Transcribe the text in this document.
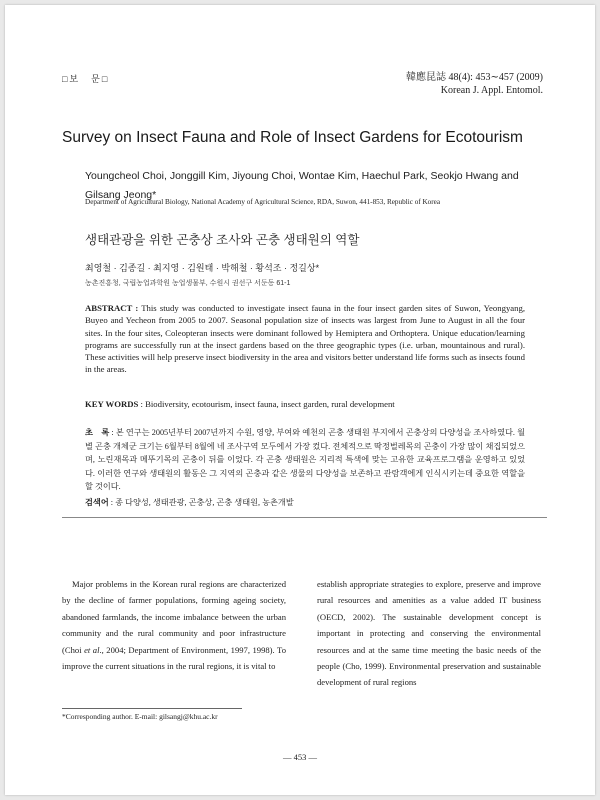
□보　문□	韓應昆誌 48(4): 453∼457 (2009)
Korean J. Appl. Entomol.
Survey on Insect Fauna and Role of Insect Gardens for Ecotourism
Youngcheol Choi, Jonggill Kim, Jiyoung Choi, Wontae Kim, Haechul Park, Seokjo Hwang and Gilsang Jeong*
Department of Agricultural Biology, National Academy of Agricultural Science, RDA, Suwon, 441-853, Republic of Korea
생태관광을 위한 곤충상 조사와 곤충 생태원의 역할
최영철 · 김종길 · 최지영 · 김원태 · 박해철 · 황석조 · 정길상*
농촌진흥청, 국립농업과학원 농업생물부, 수원시 권선구 서둔동 61-1
ABSTRACT : This study was conducted to investigate insect fauna in the four insect garden sites of Suwon, Yeongyang, Buyeo and Yecheon from 2005 to 2007. Seasonal population size of insects was largest from June to August in all the four sites. In the four sites, Coleopteran insects were dominant followed by Hemiptera and Orthoptera. Unique education/learning programs are successfully run at the insect gardens based on the three geographic types (i.e. urban, mountainous and rural). These activities will help preserve insect biodiversity in the area and visitors better understand life forms such as insects found in the areas.
KEY WORDS : Biodiversity, ecotourism, insect fauna, insect garden, rural development
초　록 : 본 연구는 2005년부터 2007년까지 수원, 영양, 부여와 예천의 곤충 생태원 부지에서 곤충상의 다양성을 조사하였다. 월별 곤충 개체군 크기는 6월부터 8월에 네 조사구역 모두에서 가장 컸다. 전체적으로 딱정벌레목의 곤충이 가장 많이 채집되었으며, 노린재목과 메뚜기목의 곤충이 뒤를 이었다. 각 곤충 생태원은 지리적 특색에 맞는 고유한 교육프로그램을 운영하고 있었다. 이러한 연구와 생태원의 활동은 그 지역의 곤충과 같은 생물의 다양성을 보존하고 관람객에게 인식시키는데 중요한 역할을 할 것이다.
검색어 : 종 다양성, 생태관광, 곤충상, 곤충 생태원, 농촌개발
Major problems in the Korean rural regions are characterized by the decline of farmer populations, forming ageing society, abandoned farmlands, the income imbalance between the urban community and the rural community and poor infrastructure (Choi et al., 2004; Department of Environment, 1997, 1998). To improve the current situations in the rural regions, it is vital to
establish appropriate strategies to explore, preserve and improve rural resources and amenities as a value added IT business (OECD, 2002). The sustainable development concept is important in protecting and conserving the environmental resources and at the same time meeting the basic needs of the people (Cho, 1999). Environmental preservation and sustainable development of rural regions
*Corresponding author. E-mail: gilsangj@khu.ac.kr
— 453 —
